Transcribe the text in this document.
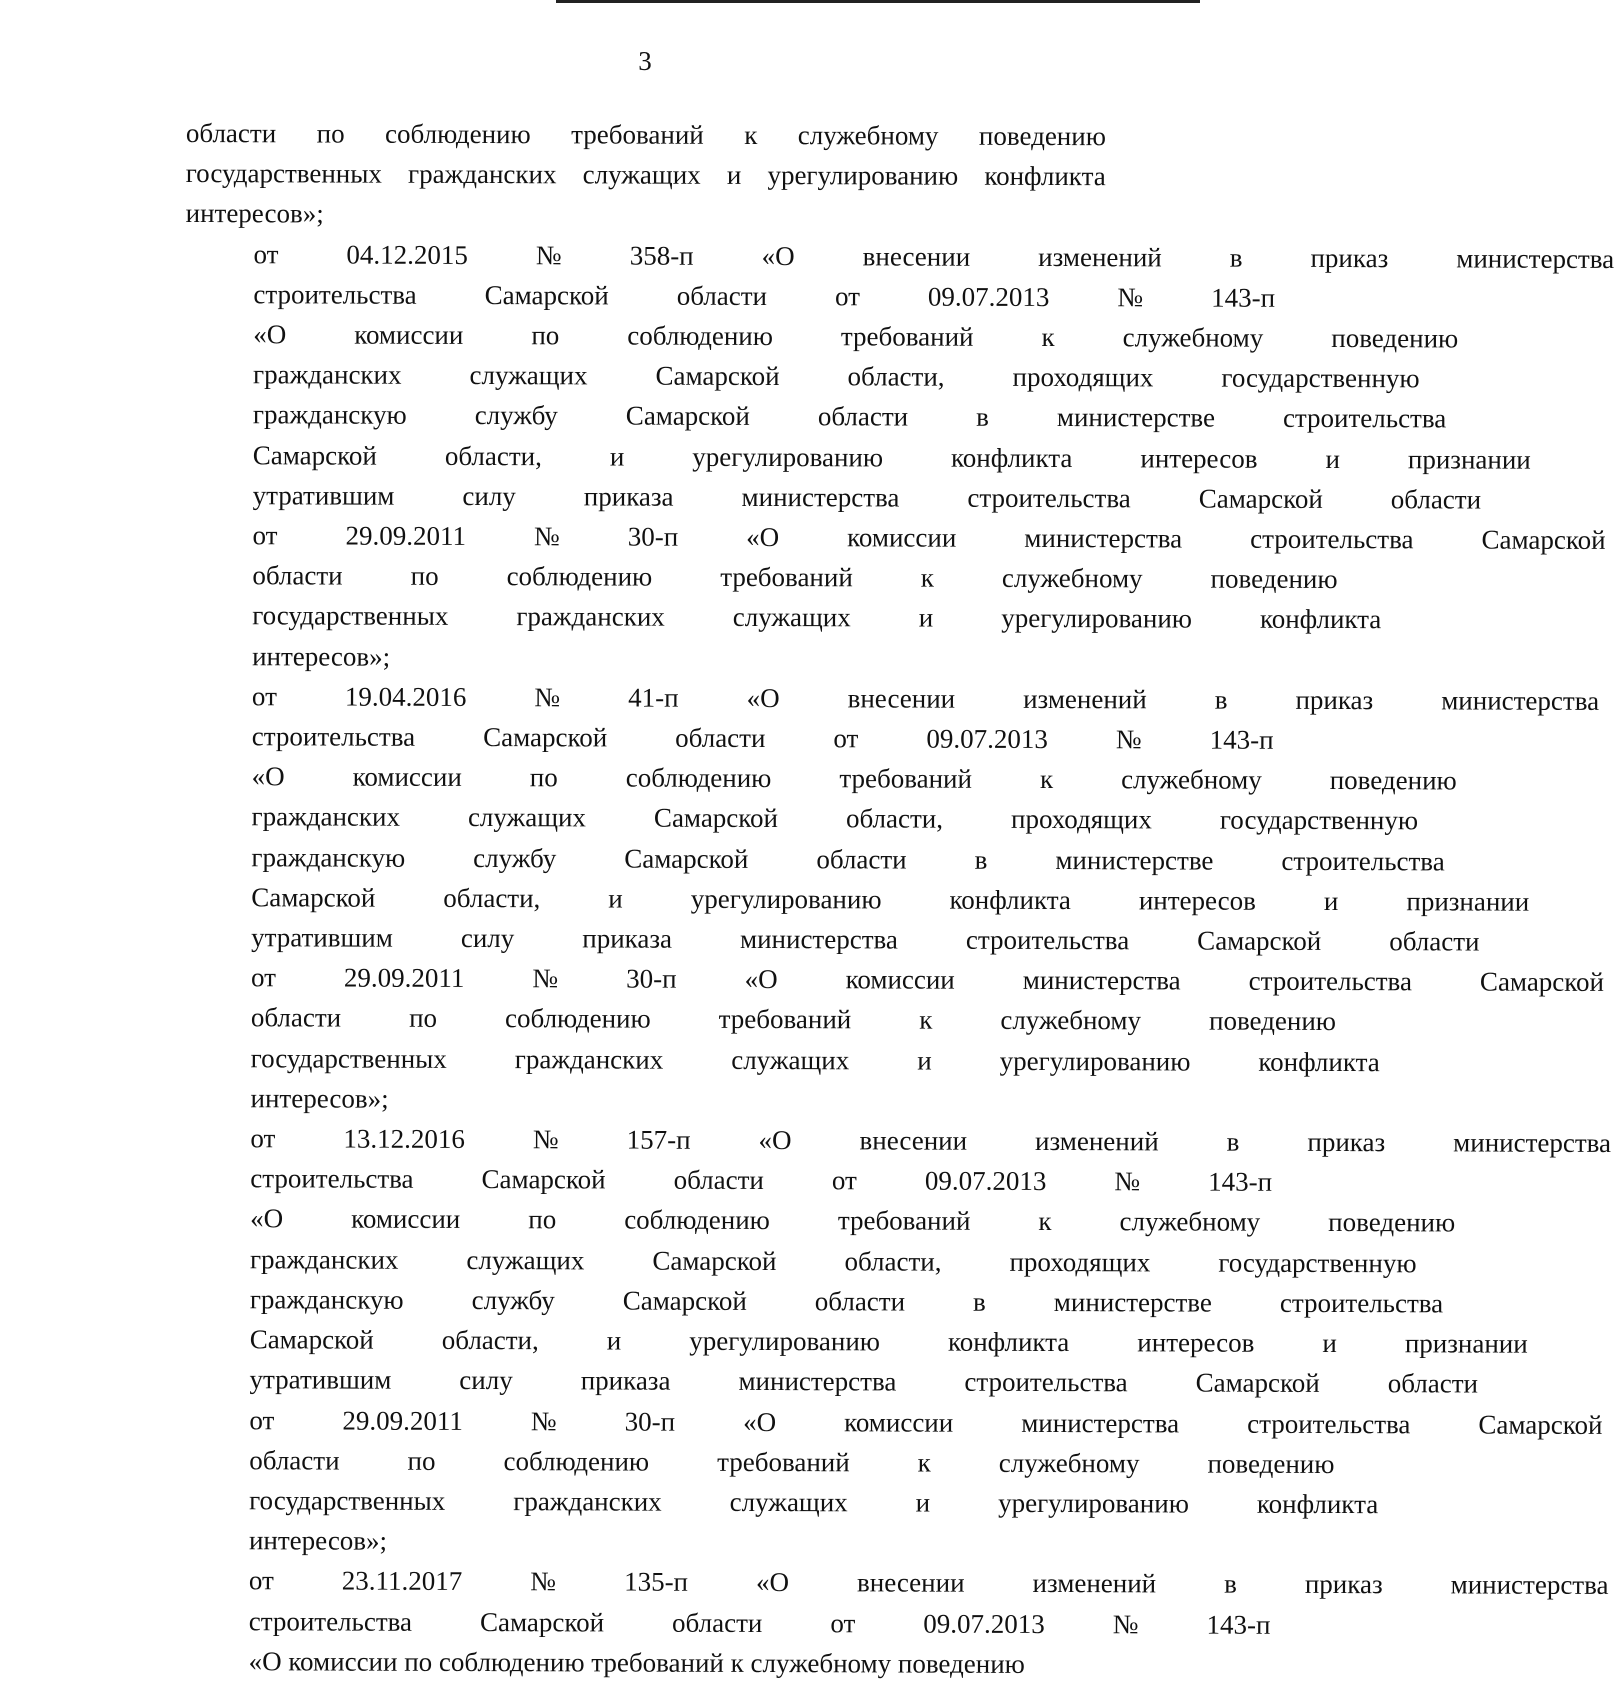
3
области по соблюдению требований к служебному поведению
государственных гражданских служащих и урегулированию конфликта
интересов»;
от	04.12.2015	№	358-п	«О	внесении	изменений	в	приказ	министерства
строительства	Самарской	области	от	09.07.2013	№	143-п
«О	комиссии	по	соблюдению	требований	к	служебному	поведению
гражданских	служащих	Самарской	области,	проходящих	государственную
гражданскую	службу	Самарской	области	в	министерстве	строительства
Самарской	области,	и	урегулированию	конфликта	интересов	и	признании
утратившим	силу	приказа	министерства	строительства	Самарской	области
от	29.09.2011	№	30-п	«О	комиссии	министерства	строительства	Самарской
области	по	соблюдению	требований	к	служебному	поведению
государственных	гражданских	служащих	и	урегулированию	конфликта
интересов»;
от	19.04.2016	№	41-п	«О	внесении	изменений	в	приказ	министерства
строительства	Самарской	области	от	09.07.2013	№	143-п
«О	комиссии	по	соблюдению	требований	к	служебному	поведению
гражданских	служащих	Самарской	области,	проходящих	государственную
гражданскую	службу	Самарской	области	в	министерстве	строительства
Самарской	области,	и	урегулированию	конфликта	интересов	и	признании
утратившим	силу	приказа	министерства	строительства	Самарской	области
от	29.09.2011	№	30-п	«О	комиссии	министерства	строительства	Самарской
области	по	соблюдению	требований	к	служебному	поведению
государственных	гражданских	служащих	и	урегулированию	конфликта
интересов»;
от	13.12.2016	№	157-п	«О	внесении	изменений	в	приказ	министерства
строительства	Самарской	области	от	09.07.2013	№	143-п
«О	комиссии	по	соблюдению	требований	к	служебному	поведению
гражданских	служащих	Самарской	области,	проходящих	государственную
гражданскую	службу	Самарской	области	в	министерстве	строительства
Самарской	области,	и	урегулированию	конфликта	интересов	и	признании
утратившим	силу	приказа	министерства	строительства	Самарской	области
от	29.09.2011	№	30-п	«О	комиссии	министерства	строительства	Самарской
области	по	соблюдению	требований	к	служебному	поведению
государственных	гражданских	служащих	и	урегулированию	конфликта
интересов»;
от	23.11.2017	№	135-п	«О	внесении	изменений	в	приказ	министерства
строительства	Самарской	области	от	09.07.2013	№	143-п
«О комиссии по соблюдению требований к служебному поведению
